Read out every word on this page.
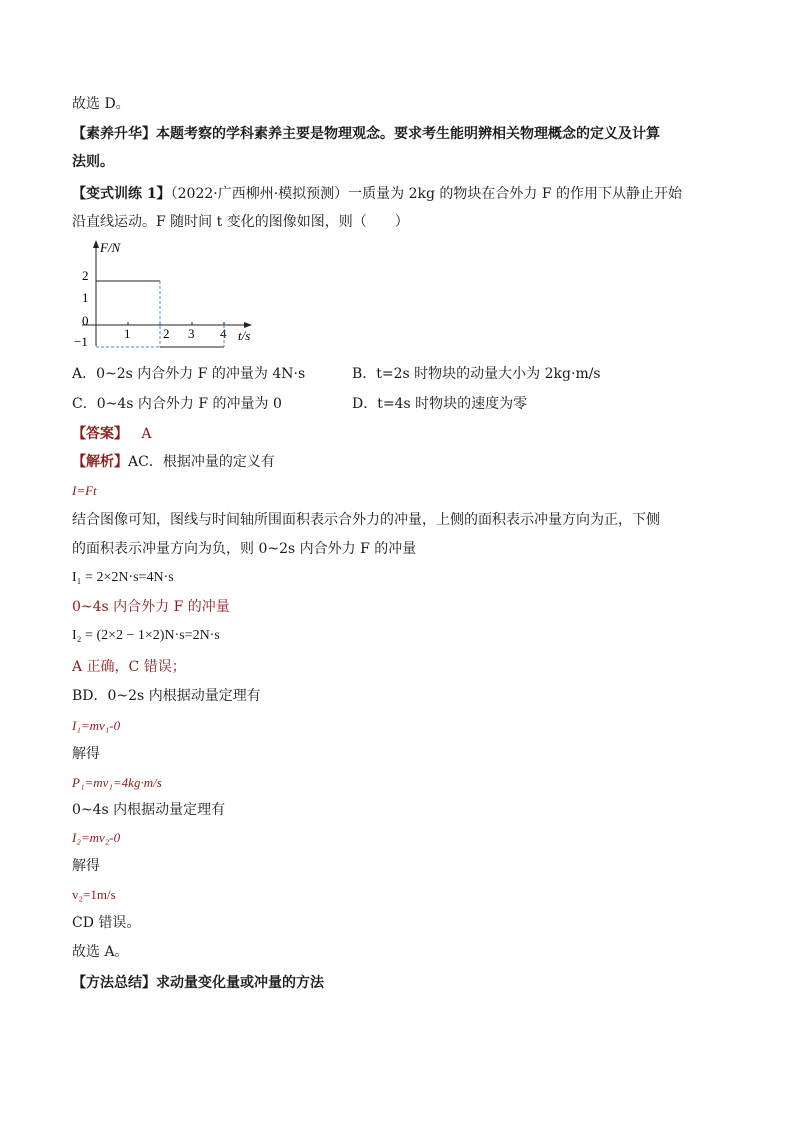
故选 D。
【素养升华】本题考察的学科素养主要是物理观念。要求考生能明辨相关物理概念的定义及计算
法则。
【变式训练 1】（2022·广西柳州·模拟预测）一质量为 2kg 的物块在合外力 F 的作用下从静止开始
沿直线运动。F 随时间 t 变化的图像如图，则（　　）
F/N
t/s
2
1
0
−1
1	2 3 4
A．0~2s 内合外力 F 的冲量为 4N·s	B．t=2s 时物块的动量大小为 2kg·m/s
C．0~4s 内合外力 F 的冲量为 0	D．t=4s 时物块的速度为零
【答案】 A
【解析】AC．根据冲量的定义有
I=Ft
结合图像可知，图线与时间轴所围面积表示合外力的冲量，上侧的面积表示冲量方向为正，下侧
的面积表示冲量方向为负，则 0~2s 内合外力 F 的冲量
I₁ = 2×2N·s=4N·s
0~4s 内合外力 F 的冲量
I₂ = (2×2 − 1×2)N·s=2N·s
A 正确，C 错误；
BD．0~2s 内根据动量定理有
I₁=mv₁-0
解得
P₁=mv₁=4kg·m/s
0~4s 内根据动量定理有
I₂=mv₂-0
解得
v₂=1m/s
CD 错误。
故选 A。
【方法总结】求动量变化量或冲量的方法
